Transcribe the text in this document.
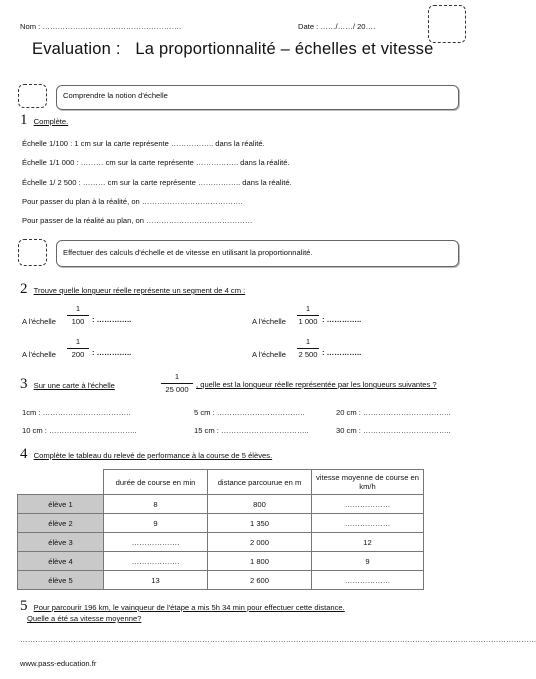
Nom : ……………………………………………….	Date : ……/……/ 20….
Evaluation : La proportionnalité – échelles et vitesse
Comprendre la notion d'échelle
1 Complète.
Échelle 1/100 : 1 cm sur la carte représente …………….. dans la réalité.
Échelle 1/1 000 : ……… cm sur la carte représente …………….. dans la réalité.
Échelle 1/ 2 500 : ……… cm sur la carte représente …………….. dans la réalité.
Pour passer du plan à la réalité, on ………………………………….
Pour passer de la réalité au plan, on ……………………………………
Effectuer des calculs d'échelle et de vitesse en utilisant la proportionnalité.
2 Trouve quelle longueur réelle représente un segment de 4 cm :
A l'échelle
1
100	: …………..	A l'échelle
1
1 000 : …………..
A l'échelle
1
200	: …………..	A l'échelle
1
2 500 : …………..
3 Sur une carte à l'échelle
1
25 000
, quelle est la longueur réelle représentée par les longueurs suivantes ?
1cm : ……………………………..	5 cm : ……………………………..	20 cm : ……………………………..
10 cm : ……………………………..	15 cm : ……………………………..	30 cm : ……………………………..
4 Complète le tableau du relevé de performance à la course de 5 élèves.
	durée de course en min	distance parcourue en m	vitesse moyenne de course en km/h
élève 1	8	800	………………
élève 2	9	1 350	………………
élève 3	……………….	2 000	12
élève 4	……………….	1 800	9
élève 5	13	2 600	………………
5 Pour parcourir 196 km, le vainqueur de l'étape a mis 5h 34 min pour effectuer cette distance.
Quelle a été sa vitesse moyenne?
……………………………………………………………………………………………………………………………………………………………………………………
www.pass-education.fr
